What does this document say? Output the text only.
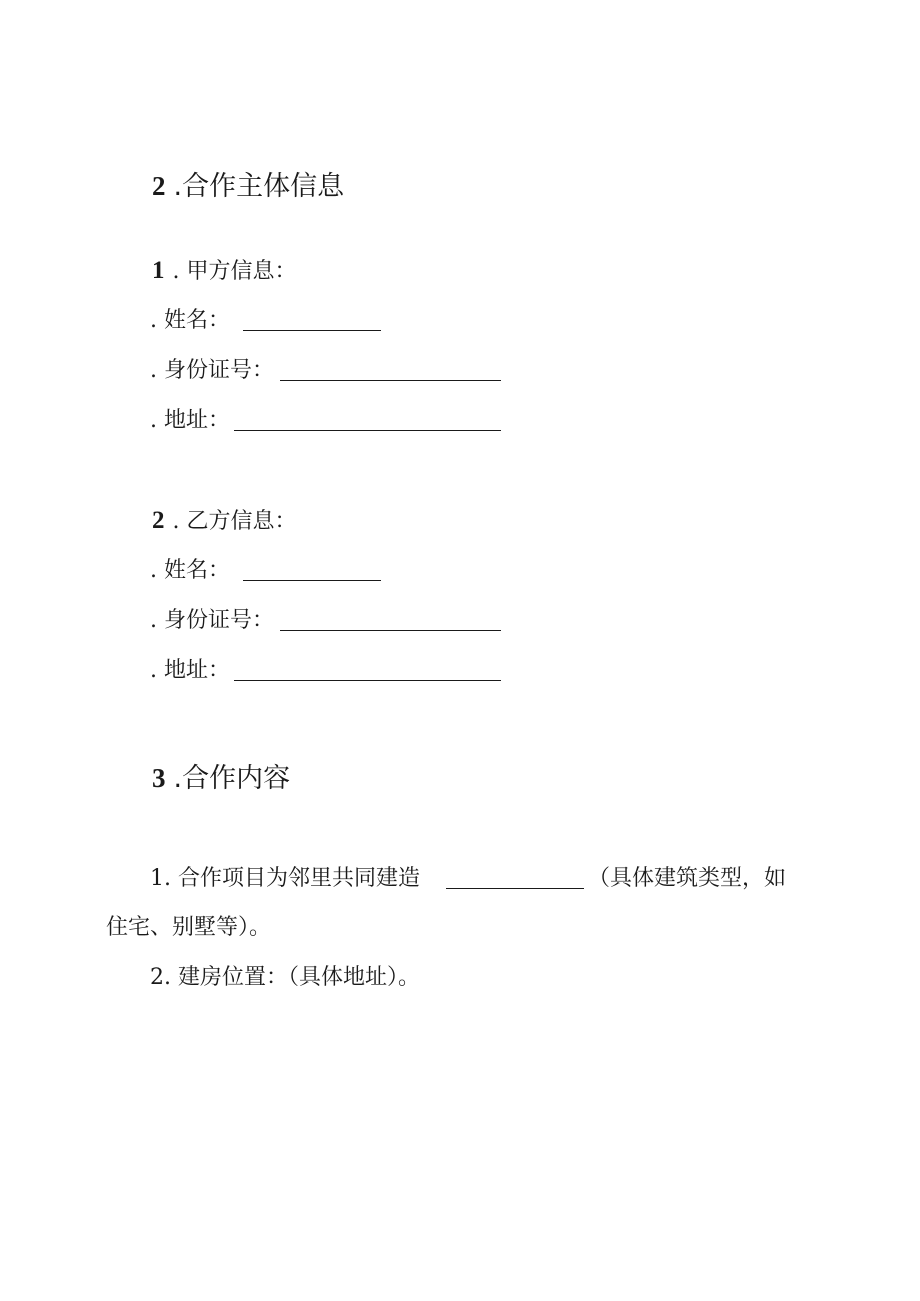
2 .合作主体信息
1 . 甲方信息：
. 姓名：
. 身份证号：
. 地址：
2 . 乙方信息：
. 姓名：
. 身份证号：
. 地址：
3 .合作内容
1. 合作项目为邻里共同建造	（具体建筑类型，如
住宅、别墅等）。
2. 建房位置：（具体地址）。
